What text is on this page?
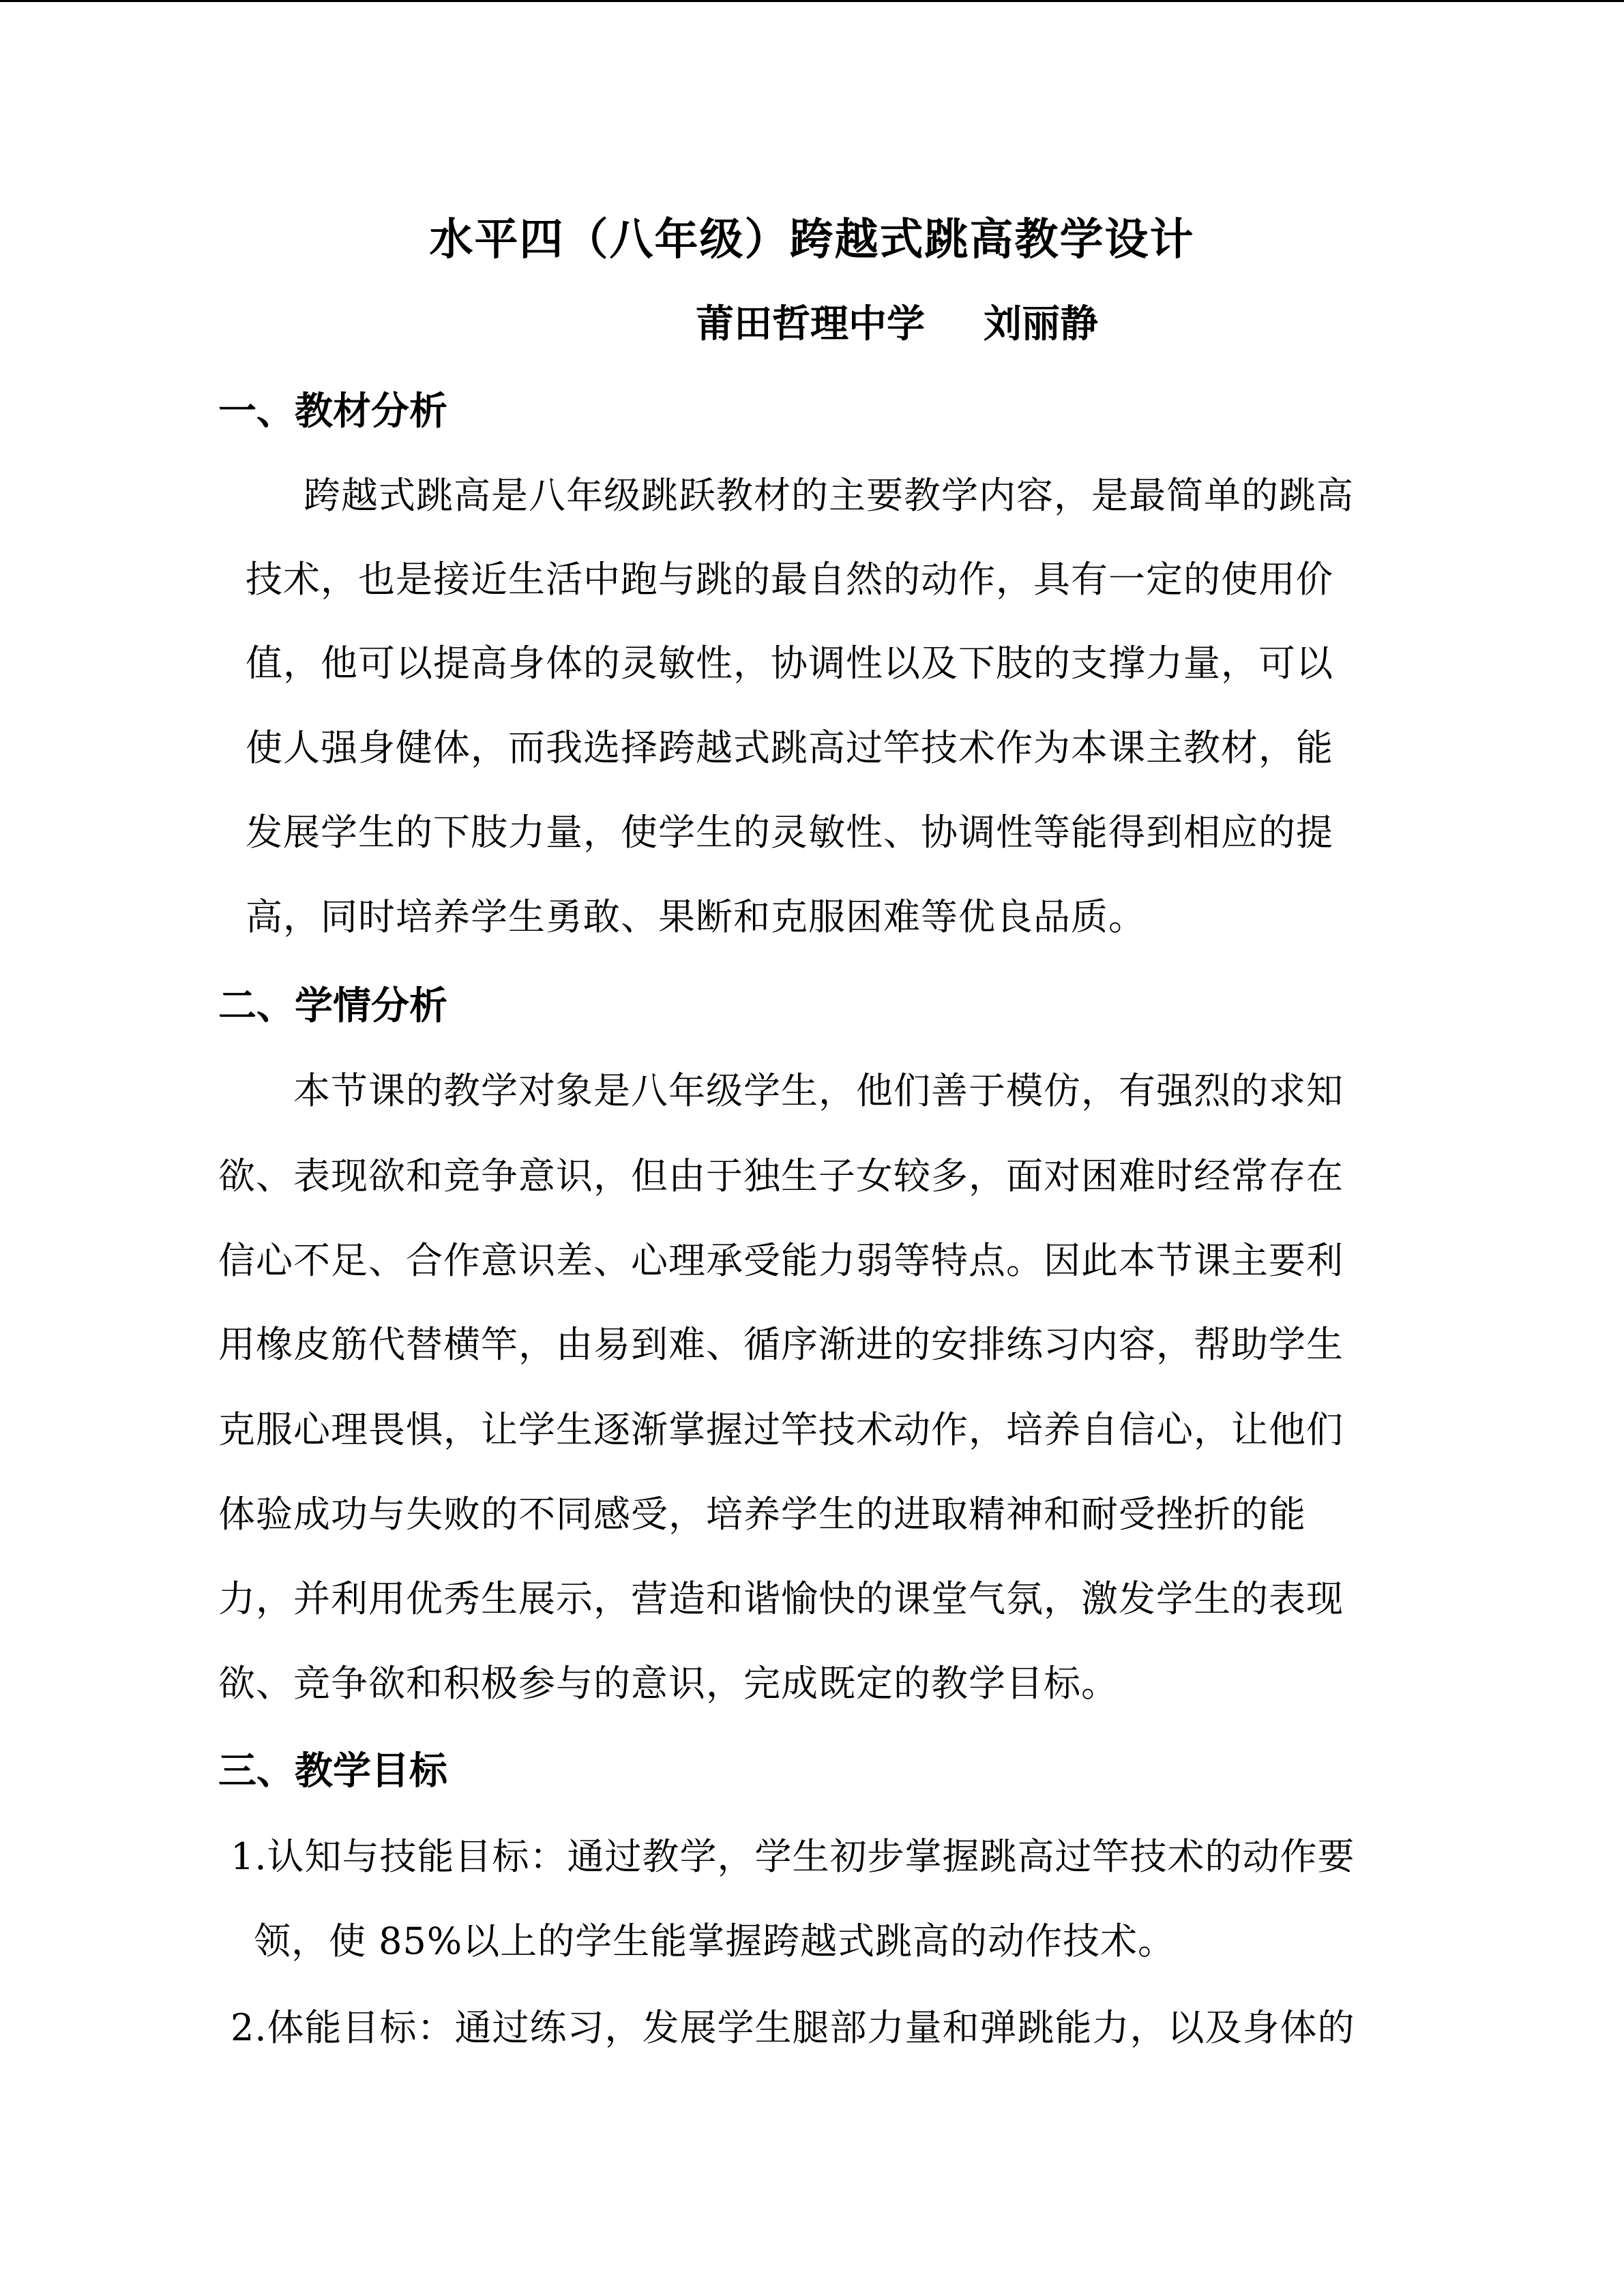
水平四（八年级）跨越式跳高教学设计
莆田哲理中学 刘丽静
一、教材分析
跨越式跳高是八年级跳跃教材的主要教学内容，是最简单的跳高
技术，也是接近生活中跑与跳的最自然的动作，具有一定的使用价
值，他可以提高身体的灵敏性，协调性以及下肢的支撑力量，可以
使人强身健体，而我选择跨越式跳高过竿技术作为本课主教材，能
发展学生的下肢力量，使学生的灵敏性、协调性等能得到相应的提
高，同时培养学生勇敢、果断和克服困难等优良品质。
二、学情分析
本节课的教学对象是八年级学生，他们善于模仿，有强烈的求知
欲、表现欲和竞争意识，但由于独生子女较多，面对困难时经常存在
信心不足、合作意识差、心理承受能力弱等特点。因此本节课主要利
用橡皮筋代替横竿，由易到难、循序渐进的安排练习内容，帮助学生
克服心理畏惧，让学生逐渐掌握过竿技术动作，培养自信心，让他们
体验成功与失败的不同感受，培养学生的进取精神和耐受挫折的能
力，并利用优秀生展示，营造和谐愉快的课堂气氛，激发学生的表现
欲、竞争欲和积极参与的意识，完成既定的教学目标。
三、教学目标
1.认知与技能目标：通过教学，学生初步掌握跳高过竿技术的动作要
领，使 85%以上的学生能掌握跨越式跳高的动作技术。
2.体能目标：通过练习，发展学生腿部力量和弹跳能力，以及身体的
